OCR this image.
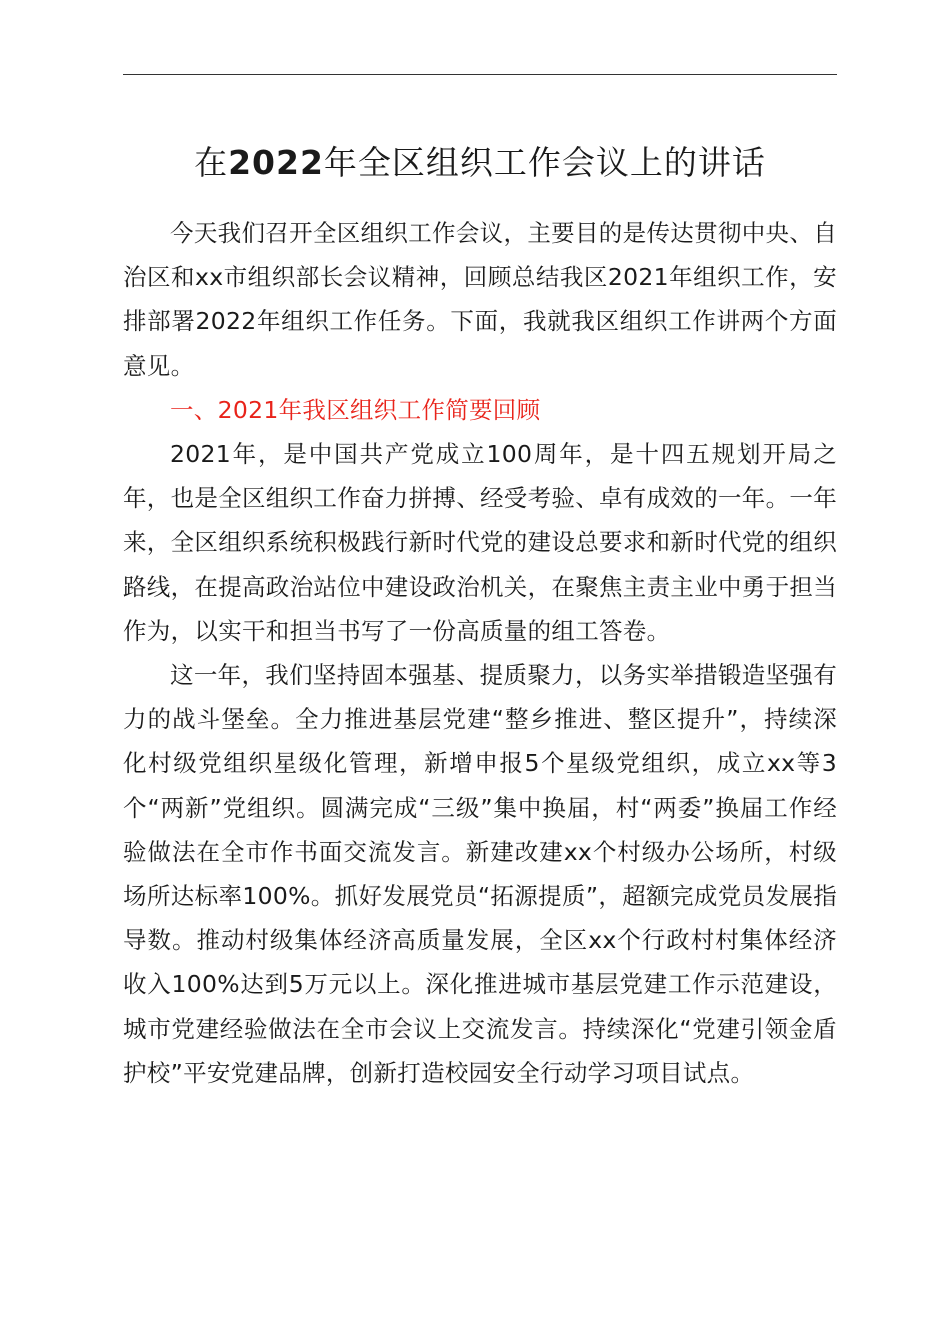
在2022年全区组织工作会议上的讲话

今天我们召开全区组织工作会议，主要目的是传达贯彻中央、自治区和xx市组织部长会议精神，回顾总结我区2021年组织工作，安排部署2022年组织工作任务。下面，我就我区组织工作讲两个方面意见。

一、2021年我区组织工作简要回顾

2021年，是中国共产党成立100周年，是十四五规划开局之年，也是全区组织工作奋力拼搏、经受考验、卓有成效的一年。一年来，全区组织系统积极践行新时代党的建设总要求和新时代党的组织路线，在提高政治站位中建设政治机关，在聚焦主责主业中勇于担当作为，以实干和担当书写了一份高质量的组工答卷。

这一年，我们坚持固本强基、提质聚力，以务实举措锻造坚强有力的战斗堡垒。全力推进基层党建“整乡推进、整区提升”，持续深化村级党组织星级化管理，新增申报5个星级党组织，成立xx等3个“两新”党组织。圆满完成“三级”集中换届，村“两委”换届工作经验做法在全市作书面交流发言。新建改建xx个村级办公场所，村级场所达标率100%。抓好发展党员“拓源提质”，超额完成党员发展指导数。推动村级集体经济高质量发展，全区xx个行政村村集体经济收入100%达到5万元以上。深化推进城市基层党建工作示范建设，城市党建经验做法在全市会议上交流发言。持续深化“党建引领金盾护校”平安党建品牌，创新打造校园安全行动学习项目试点。
